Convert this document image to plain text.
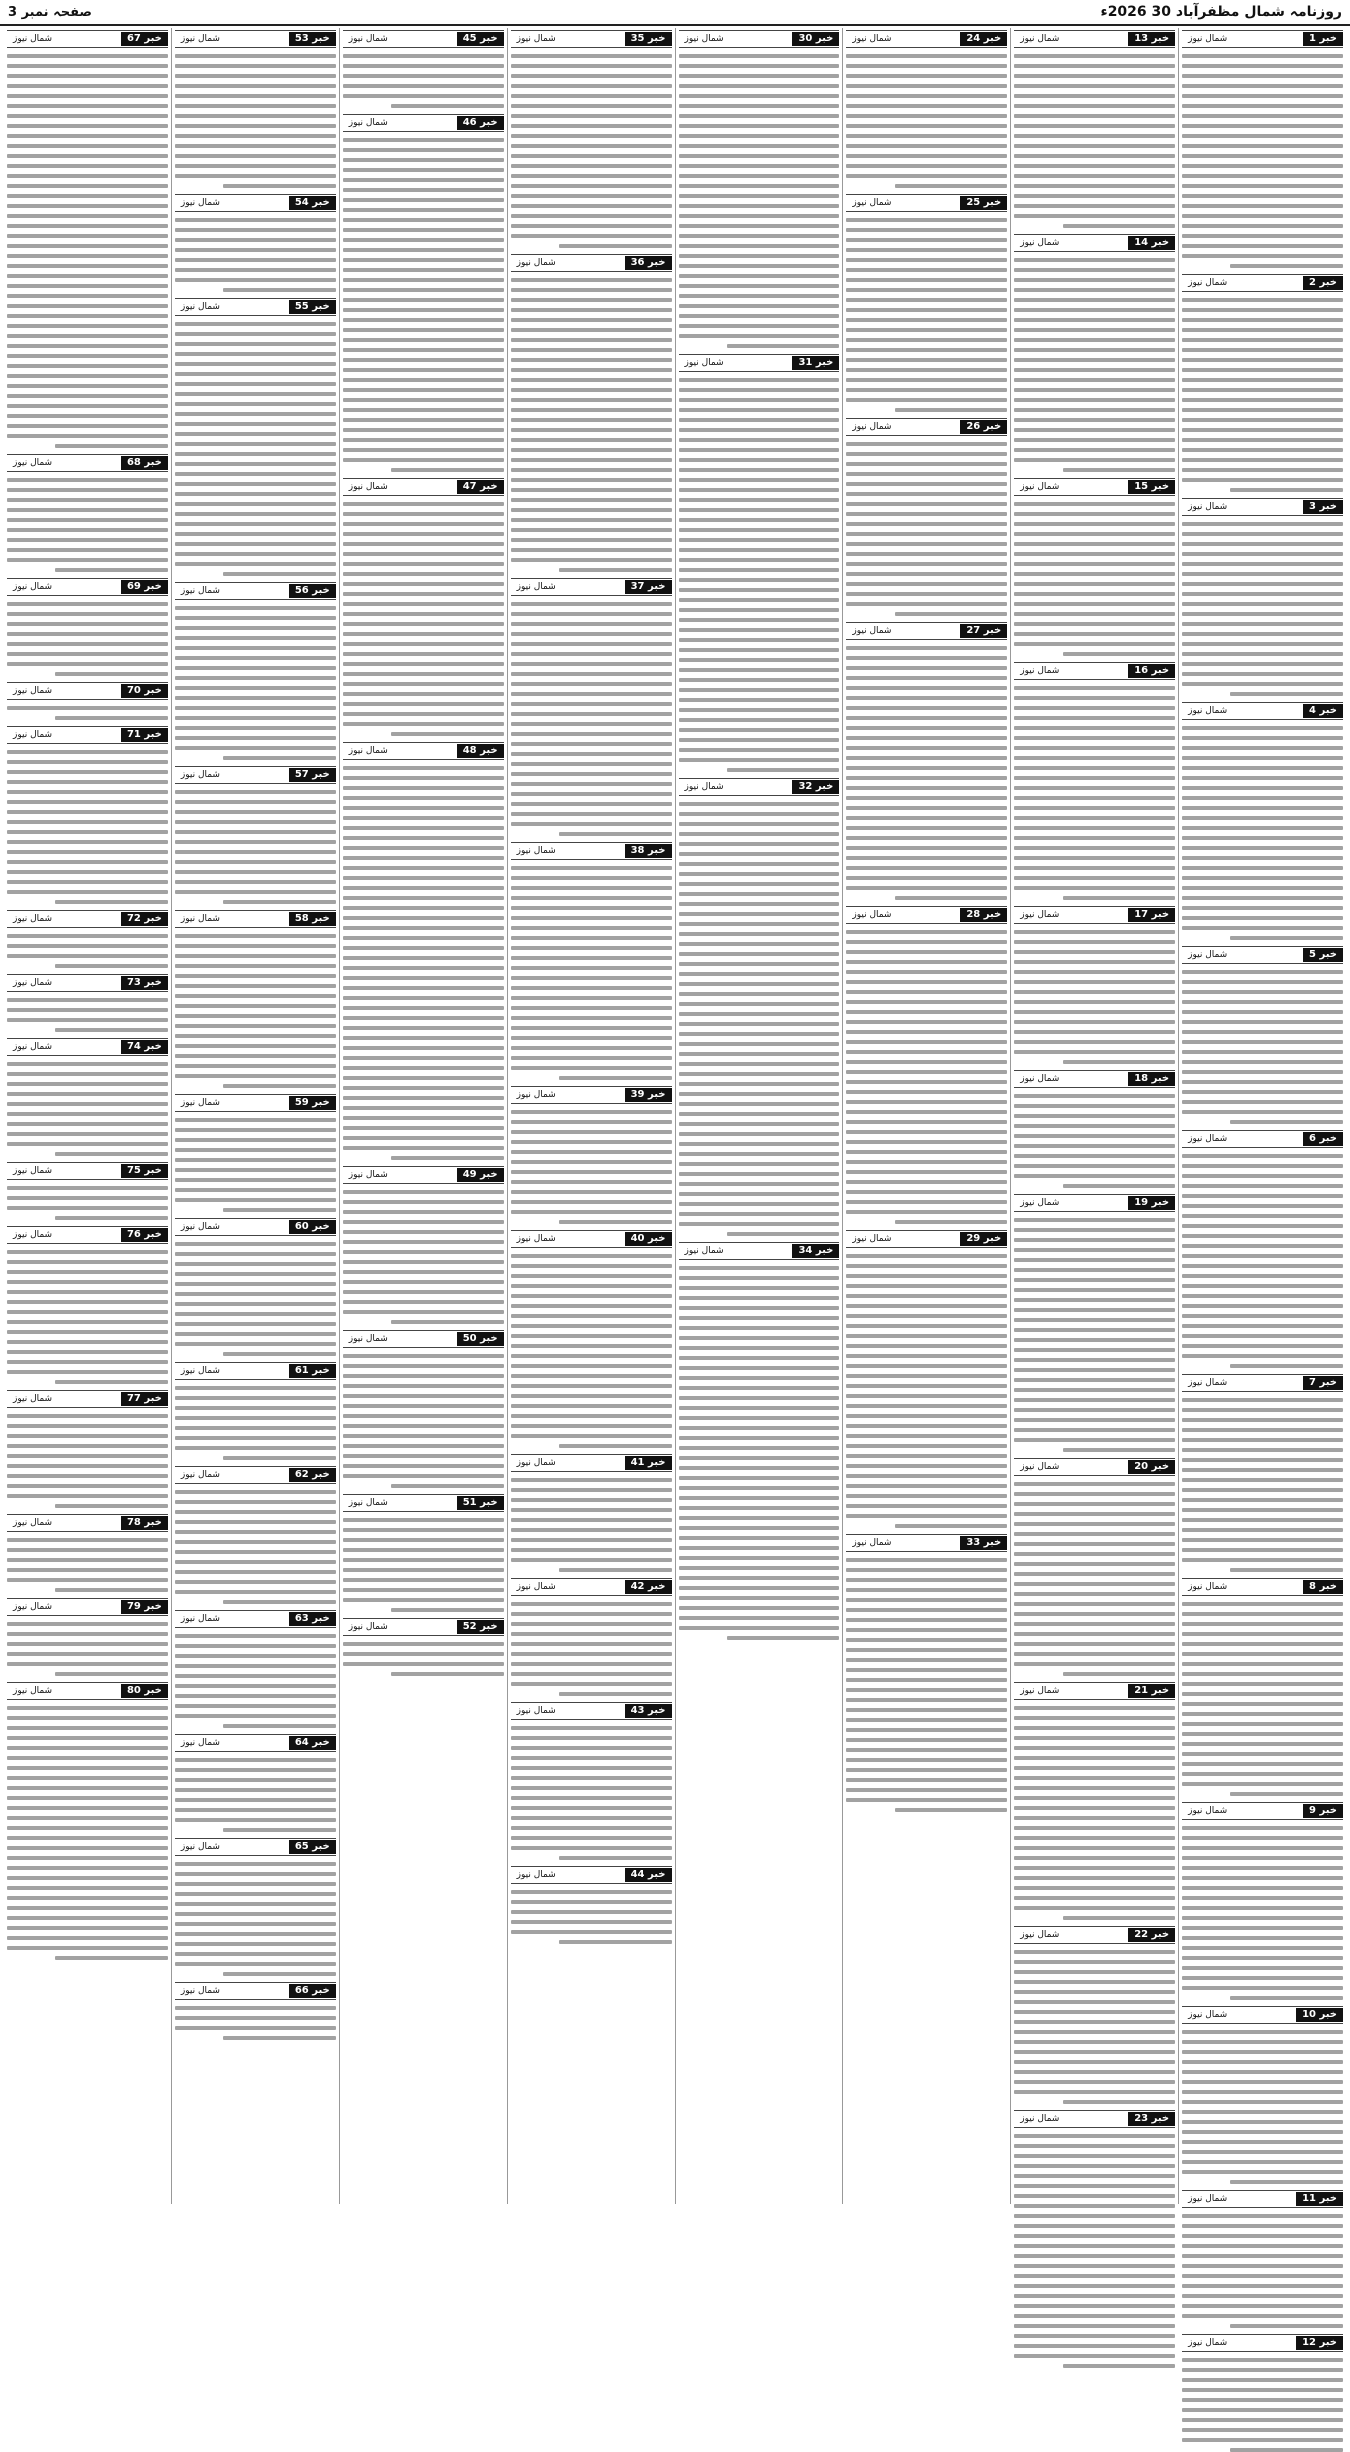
روزنامہ شمال مظفرآباد 30 2026ء
صفحہ نمبر 3
خبر 1
شمال نیوز
خبر 2
شمال نیوز
خبر 3
شمال نیوز
خبر 4
شمال نیوز
خبر 5
شمال نیوز
خبر 6
شمال نیوز
خبر 7
شمال نیوز
خبر 8
شمال نیوز
خبر 9
شمال نیوز
خبر 10
شمال نیوز
خبر 11
شمال نیوز
خبر 12
شمال نیوز
خبر 13
شمال نیوز
خبر 14
شمال نیوز
خبر 15
شمال نیوز
خبر 16
شمال نیوز
خبر 17
شمال نیوز
خبر 18
شمال نیوز
خبر 19
شمال نیوز
خبر 20
شمال نیوز
خبر 21
شمال نیوز
خبر 22
شمال نیوز
خبر 23
شمال نیوز
خبر 24
شمال نیوز
خبر 25
شمال نیوز
خبر 26
شمال نیوز
خبر 27
شمال نیوز
خبر 28
شمال نیوز
خبر 29
شمال نیوز
خبر 33
شمال نیوز
خبر 30
شمال نیوز
خبر 31
شمال نیوز
خبر 32
شمال نیوز
خبر 34
شمال نیوز
خبر 35
شمال نیوز
خبر 36
شمال نیوز
خبر 37
شمال نیوز
خبر 38
شمال نیوز
خبر 39
شمال نیوز
خبر 40
شمال نیوز
خبر 41
شمال نیوز
خبر 42
شمال نیوز
خبر 43
شمال نیوز
خبر 44
شمال نیوز
خبر 45
شمال نیوز
خبر 46
شمال نیوز
خبر 47
شمال نیوز
خبر 48
شمال نیوز
خبر 49
شمال نیوز
خبر 50
شمال نیوز
خبر 51
شمال نیوز
خبر 52
شمال نیوز
خبر 53
شمال نیوز
خبر 54
شمال نیوز
خبر 55
شمال نیوز
خبر 56
شمال نیوز
خبر 57
شمال نیوز
خبر 58
شمال نیوز
خبر 59
شمال نیوز
خبر 60
شمال نیوز
خبر 61
شمال نیوز
خبر 62
شمال نیوز
خبر 63
شمال نیوز
خبر 64
شمال نیوز
خبر 65
شمال نیوز
خبر 66
شمال نیوز
خبر 67
شمال نیوز
خبر 68
شمال نیوز
خبر 69
شمال نیوز
خبر 70
شمال نیوز
خبر 71
شمال نیوز
خبر 72
شمال نیوز
خبر 73
شمال نیوز
خبر 74
شمال نیوز
خبر 75
شمال نیوز
خبر 76
شمال نیوز
خبر 77
شمال نیوز
خبر 78
شمال نیوز
خبر 79
شمال نیوز
خبر 80
شمال نیوز
